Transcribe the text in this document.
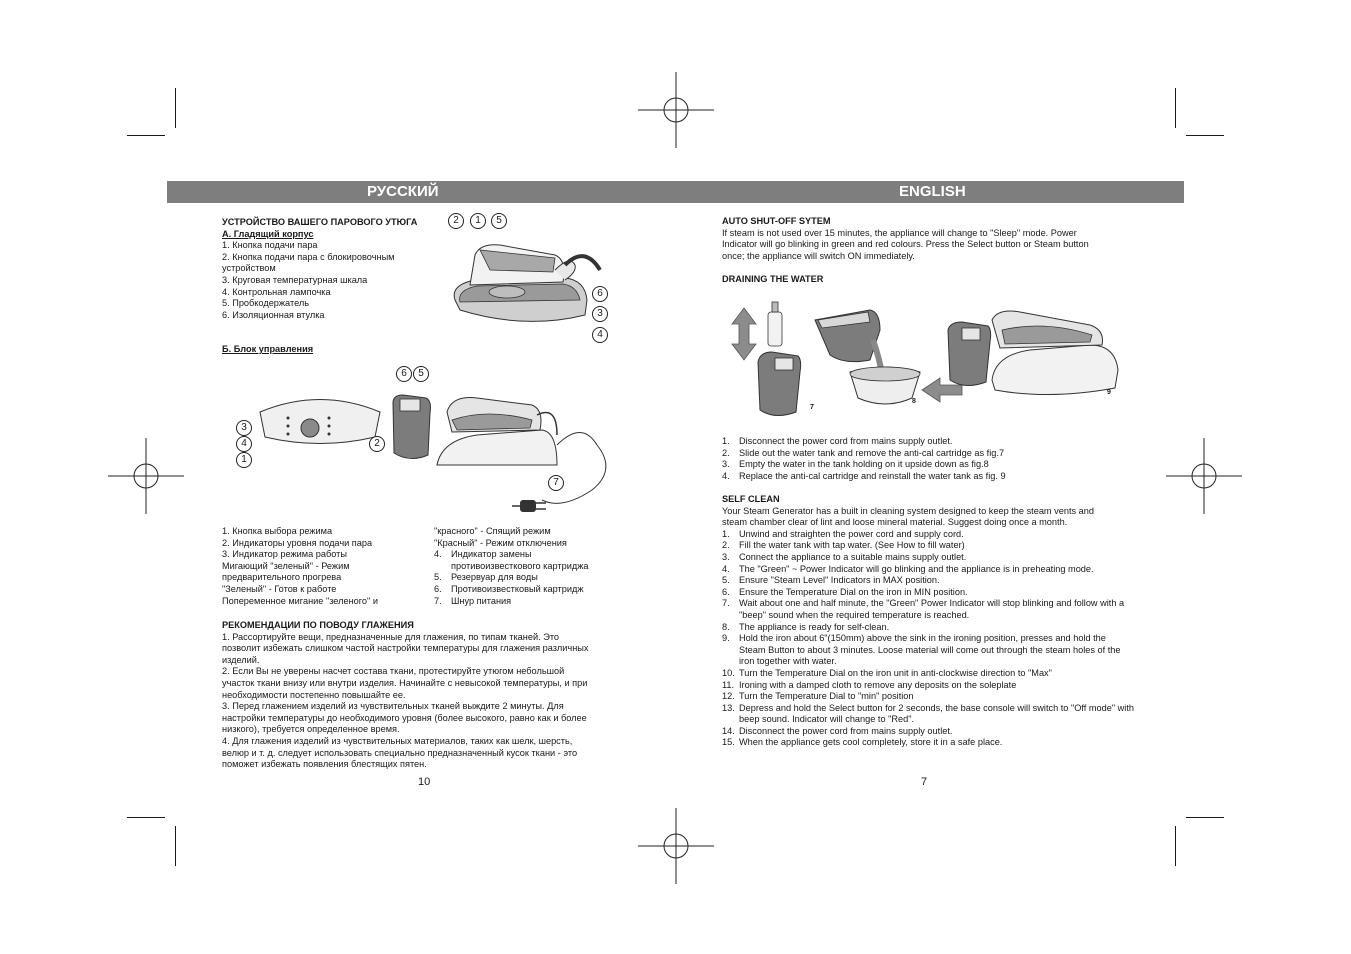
РУССКИЙ	ENGLISH

УСТРОЙСТВО ВАШЕГО ПАРОВОГО УТЮГА

А. Гладящий корпус

1. Кнопка подачи пара

2. Кнопка подачи пара с блокировочным

устройством

3. Круговая температурная шкала

4. Контрольная лампочка

5. Пробкодержатель

6. Изоляционная втулка

2	1	5
6
3
4

Б. Блок управления

6	5
3
4
1
2
7

1. Кнопка выбора режима

2. Индикаторы уровня подачи пара

3. Индикатор режима работы

Мигающий "зеленый" - Режим

предварительного прогрева

"Зеленый" - Готов к работе

Попеременное мигание "зеленого" и

"красного" - Спящий режим
"Красный" - Режим отключения
4.	Индикатор замены
противоизвесткового картриджа
5.	Резервуар для воды
6.	Противоизвестковый картридж
7.	Шнур питания

РЕКОМЕНДАЦИИ ПО ПОВОДУ ГЛАЖЕНИЯ

1. Рассортируйте вещи, предназначенные для глажения, по типам тканей. Это

позволит избежать слишком частой настройки температуры для глажения различных

изделий.

2. Если Вы не уверены насчет состава ткани, протестируйте утюгом небольшой

участок ткани внизу или внутри изделия. Начинайте с невысокой температуры, и при

необходимости постепенно повышайте ее.

3. Перед глажением изделий из чувствительных тканей выждите 2 минуты. Для

настройки температуры до необходимого уровня (более высокого, равно как и более

низкого), требуется определенное время.

4. Для глажения изделий из чувствительных материалов, таких как шелк, шерсть,

велюр и т. д. следует использовать специально предназначенный кусок ткани - это

поможет избежать появления блестящих пятен.

10

AUTO SHUT-OFF SYTEM

If steam is not used over 15 minutes, the appliance will change to "Sleep" mode. Power

Indicator will go blinking in green and red colours. Press the Select button or Steam button

once; the appliance will switch ON immediately.

DRAINING THE WATER

7
8
9
1.	Disconnect the power cord from mains supply outlet.
2.	Slide out the water tank and remove the anti-cal cartridge as fig.7
3.	Empty the water in the tank holding on it upside down as fig.8
4.	Replace the anti-cal cartridge and reinstall the water tank as fig. 9

SELF CLEAN

Your Steam Generator has a built in cleaning system designed to keep the steam vents and

steam chamber clear of lint and loose mineral material. Suggest doing once a month.

1.	Unwind and straighten the power cord and supply cord.
2.	Fill the water tank with tap water. (See How to fill water)
3.	Connect the appliance to a suitable mains supply outlet.
4.	The "Green" ~ Power Indicator will go blinking and the appliance is in preheating mode.
5.	Ensure "Steam Level" Indicators in MAX position.
6.	Ensure the Temperature Dial on the iron in MIN position.
7.	Wait about one and half minute, the "Green" Power Indicator will stop blinking and follow with a "beep" sound when the required temperature is reached.
8.	The appliance is ready for self-clean.
9.	Hold the iron about 6"(150mm) above the sink in the ironing position, presses and hold the Steam Button to about 3 minutes. Loose material will come out through the steam holes of the iron together with water.
10. Turn the Temperature Dial on the iron unit in anti-clockwise direction to "Max"
11. Ironing with a damped cloth to remove any deposits on the soleplate
12. Turn the Temperature Dial to "min" position
13. Depress and hold the Select button for 2 seconds, the base console will switch to "Off mode" with beep sound. Indicator will change to "Red".
14. Disconnect the power cord from mains supply outlet.
15. When the appliance gets cool completely, store it in a safe place.
7
